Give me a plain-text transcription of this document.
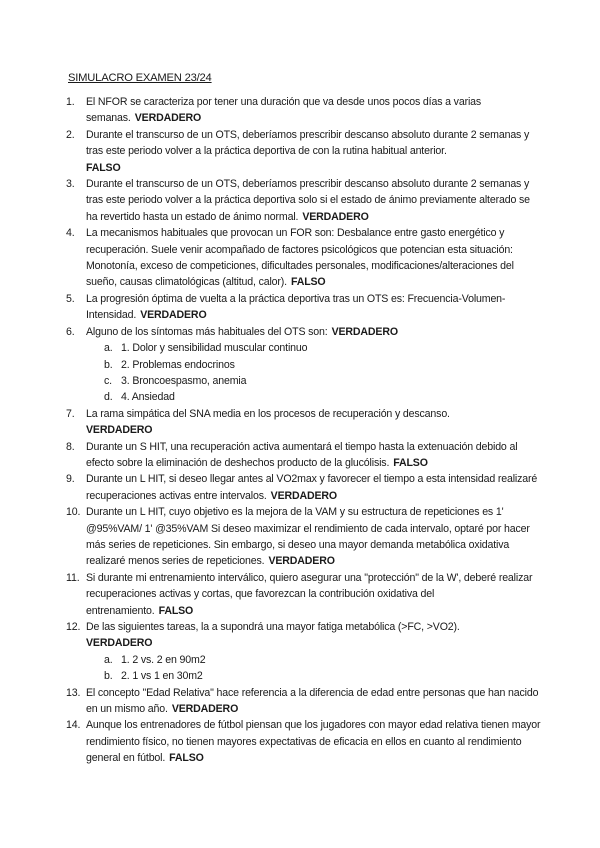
SIMULACRO EXAMEN 23/24
1. El NFOR se caracteriza por tener una duración que va desde unos pocos días a varias semanas. VERDADERO
2. Durante el transcurso de un OTS, deberíamos prescribir descanso absoluto durante 2 semanas y tras este periodo volver a la práctica deportiva de con la rutina habitual anterior.
FALSO
3. Durante el transcurso de un OTS, deberíamos prescribir descanso absoluto durante 2 semanas y tras este periodo volver a la práctica deportiva solo si el estado de ánimo previamente alterado se ha revertido hasta un estado de ánimo normal. VERDADERO
4. La mecanismos habituales que provocan un FOR son: Desbalance entre gasto energético y recuperación. Suele venir acompañado de factores psicológicos que potencian esta situación: Monotonía, exceso de competiciones, dificultades personales, modificaciones/alteraciones del sueño, causas climatológicas (altitud, calor). FALSO
5. La progresión óptima de vuelta a la práctica deportiva tras un OTS es: Frecuencia-Volumen-Intensidad. VERDADERO
6. Alguno de los síntomas más habituales del OTS son: VERDADERO
a. 1. Dolor y sensibilidad muscular continuo
b. 2. Problemas endocrinos
c. 3. Broncoespasmo, anemia
d. 4. Ansiedad
7. La rama simpática del SNA media en los procesos de recuperación y descanso.
VERDADERO
8. Durante un S HIT, una recuperación activa aumentará el tiempo hasta la extenuación debido al efecto sobre la eliminación de deshechos producto de la glucólisis. FALSO
9. Durante un L HIT, si deseo llegar antes al VO2max y favorecer el tiempo a esta intensidad realizaré recuperaciones activas entre intervalos. VERDADERO
10. Durante un L HIT, cuyo objetivo es la mejora de la VAM y su estructura de repeticiones es 1' @95%VAM/ 1' @35%VAM Si deseo maximizar el rendimiento de cada intervalo, optaré por hacer más series de repeticiones. Sin embargo, si deseo una mayor demanda metabólica oxidativa realizaré menos series de repeticiones. VERDADERO
11. Si durante mi entrenamiento interválico, quiero asegurar una "protección" de la W', deberé realizar recuperaciones activas y cortas, que favorezcan la contribución oxidativa del entrenamiento. FALSO
12. De las siguientes tareas, la a supondrá una mayor fatiga metabólica (>FC, >VO2).
VERDADERO
a. 1. 2 vs. 2 en 90m2
b. 2. 1 vs 1 en 30m2
13. El concepto "Edad Relativa" hace referencia a la diferencia de edad entre personas que han nacido en un mismo año. VERDADERO
14. Aunque los entrenadores de fútbol piensan que los jugadores con mayor edad relativa tienen mayor rendimiento físico, no tienen mayores expectativas de eficacia en ellos en cuanto al rendimiento general en fútbol. FALSO
